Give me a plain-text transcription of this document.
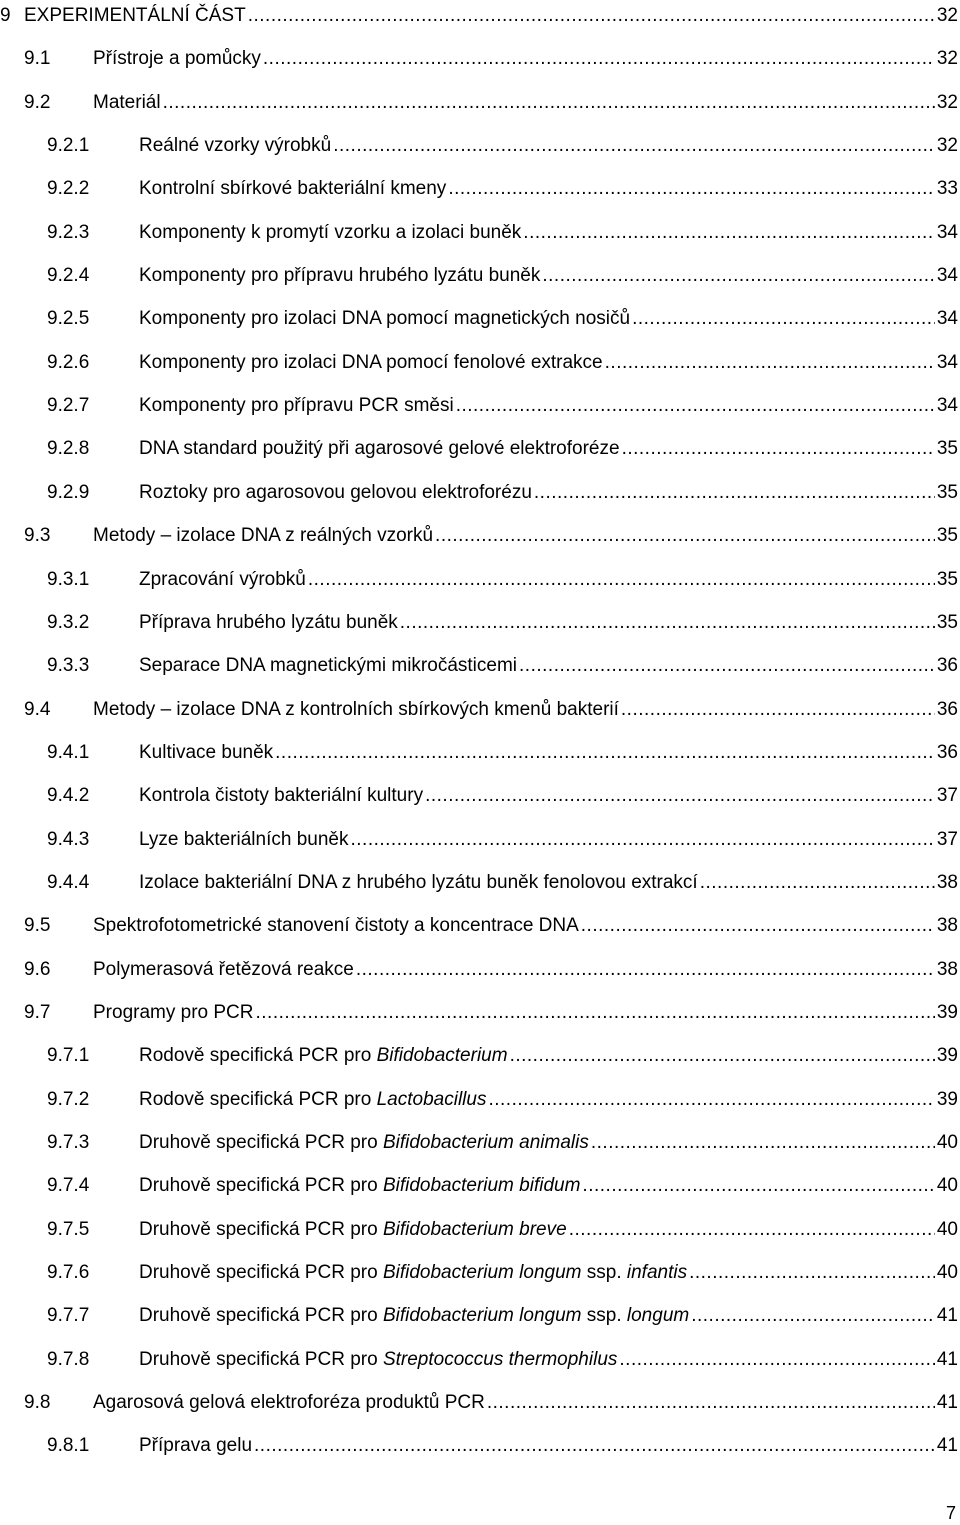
9 EXPERIMENTÁLNÍ ČÁST .....	32
9.1 Přístroje a pomůcky .....	32
9.2 Materiál .....	32
9.2.1	Reálné vzorky výrobků .....	32
9.2.2	Kontrolní sbírkové bakteriální kmeny .....	33
9.2.3	Komponenty k promytí vzorku a izolaci buněk .....	34
9.2.4	Komponenty pro přípravu hrubého lyzátu buněk .....	34
9.2.5	Komponenty pro izolaci DNA pomocí magnetických nosičů .....	34
9.2.6	Komponenty pro izolaci DNA pomocí fenolové extrakce .....	34
9.2.7	Komponenty pro přípravu PCR směsi .....	34
9.2.8	DNA standard použitý při agarosové gelové elektroforéze .....	35
9.2.9	Roztoky pro agarosovou gelovou elektroforézu .....	35
9.3 Metody – izolace DNA z reálných vzorků .....	35
9.3.1	Zpracování výrobků .....	35
9.3.2	Příprava hrubého lyzátu buněk .....	35
9.3.3	Separace DNA magnetickými mikročásticemi .....	36
9.4 Metody – izolace DNA z kontrolních sbírkových kmenů bakterií .....	36
9.4.1	Kultivace buněk .....	36
9.4.2	Kontrola čistoty bakteriální kultury .....	37
9.4.3	Lyze bakteriálních buněk .....	37
9.4.4	Izolace bakteriální DNA z hrubého lyzátu buněk fenolovou extrakcí .....	38
9.5 Spektrofotometrické stanovení čistoty a koncentrace DNA .....	38
9.6 Polymerasová řetězová reakce .....	38
9.7 Programy pro PCR .....	39
9.7.1	Rodově specifická PCR pro Bifidobacterium .....	39
9.7.2	Rodově specifická PCR pro Lactobacillus .....	39
9.7.3	Druhově specifická PCR pro Bifidobacterium animalis .....	40
9.7.4	Druhově specifická PCR pro Bifidobacterium bifidum .....	40
9.7.5	Druhově specifická PCR pro Bifidobacterium breve .....	40
9.7.6	Druhově specifická PCR pro Bifidobacterium longum ssp. infantis .....	40
9.7.7	Druhově specifická PCR pro Bifidobacterium longum ssp. longum .....	41
9.7.8	Druhově specifická PCR pro Streptococcus thermophilus .....	41
9.8 Agarosová gelová elektroforéza produktů PCR .....	41
9.8.1	Příprava gelu .....	41
7
